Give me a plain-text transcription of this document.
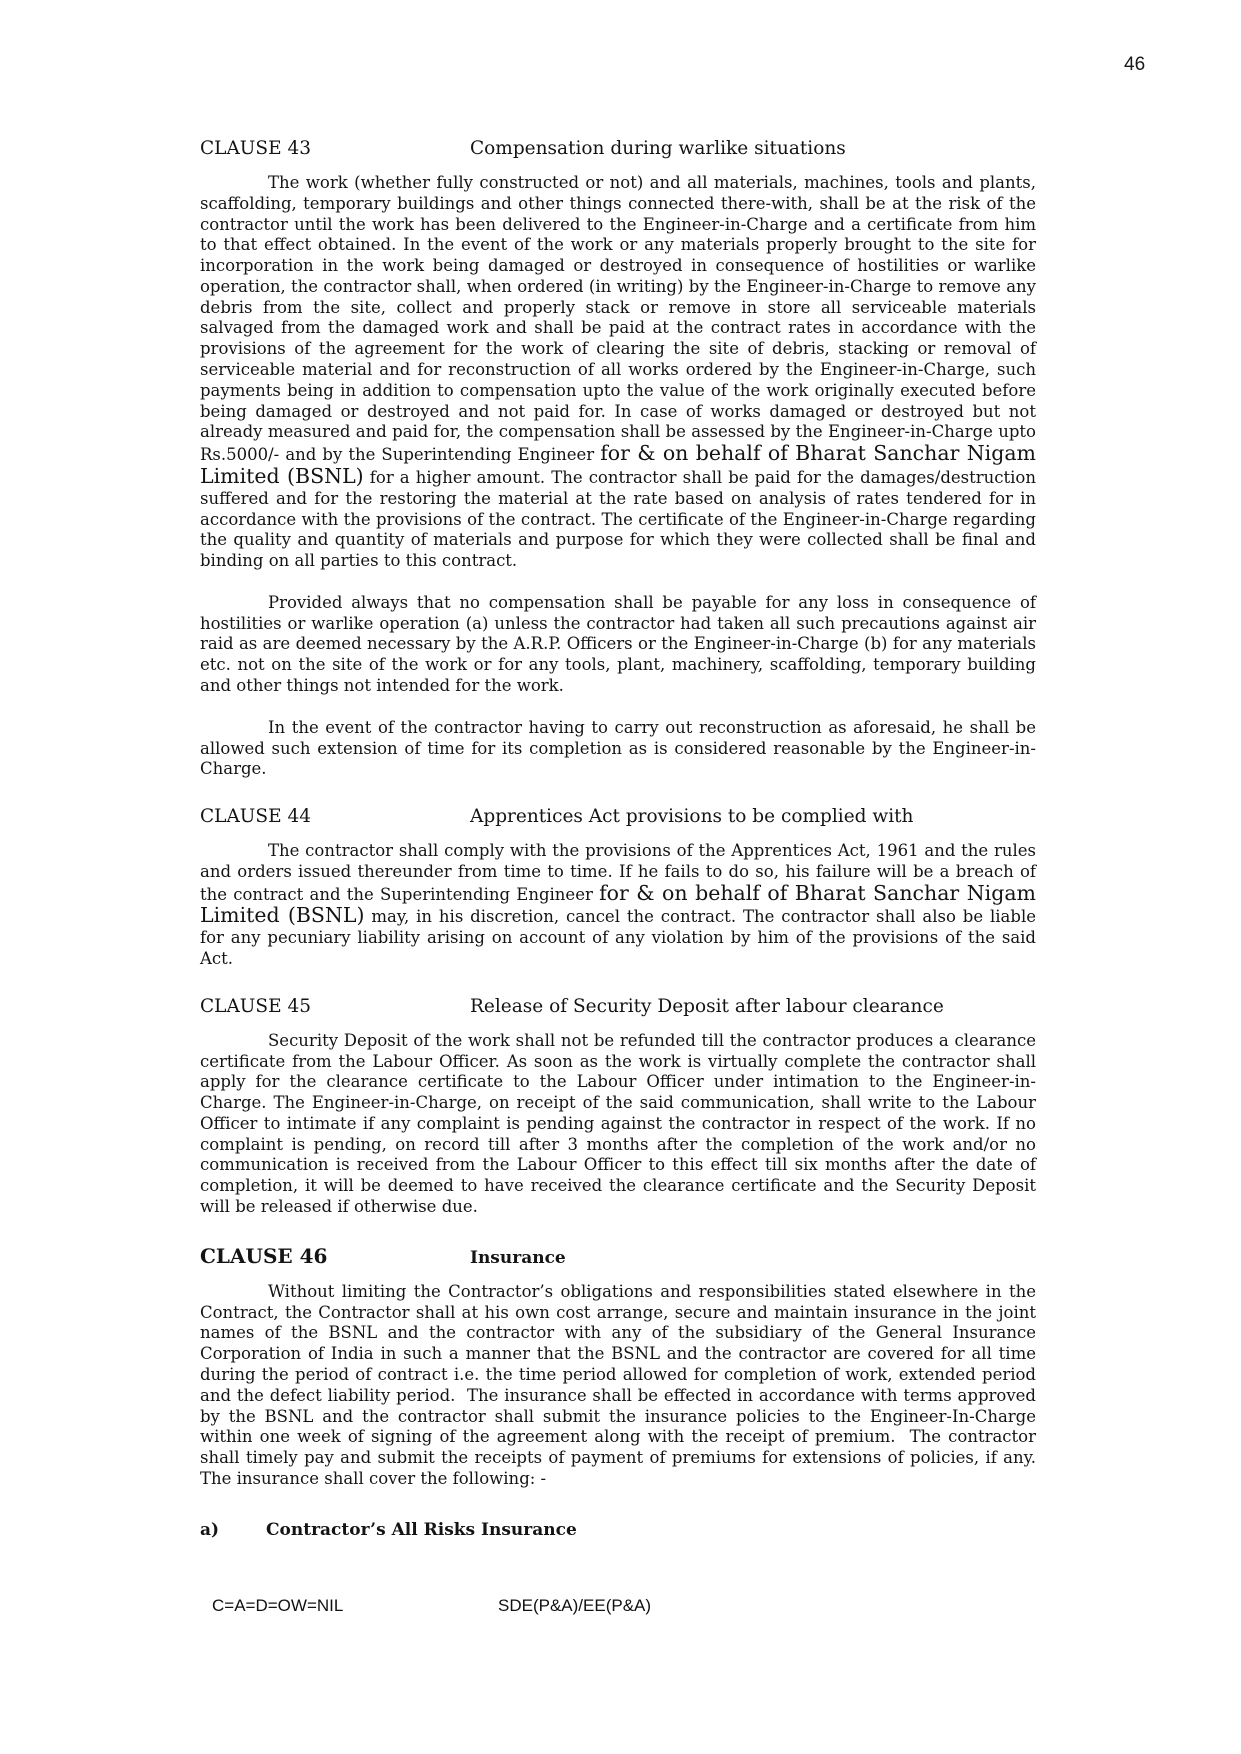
46
CLAUSE 43	Compensation during warlike situations

The work (whether fully constructed or not) and all materials, machines, tools and plants, scaffolding, temporary buildings and other things connected there-with, shall be at the risk of the contractor until the work has been delivered to the Engineer-in-Charge and a certificate from him to that effect obtained. In the event of the work or any materials properly brought to the site for incorporation in the work being damaged or destroyed in consequence of hostilities or warlike operation, the contractor shall, when ordered (in writing) by the Engineer-in-Charge to remove any debris from the site, collect and properly stack or remove in store all serviceable materials salvaged from the damaged work and shall be paid at the contract rates in accordance with the provisions of the agreement for the work of clearing the site of debris, stacking or removal of serviceable material and for reconstruction of all works ordered by the Engineer-in-Charge, such payments being in addition to compensation upto the value of the work originally executed before being damaged or destroyed and not paid for. In case of works damaged or destroyed but not already measured and paid for, the compensation shall be assessed by the Engineer-in-Charge upto Rs.5000/- and by the Superintending Engineer for & on behalf of Bharat Sanchar Nigam Limited (BSNL) for a higher amount. The contractor shall be paid for the damages/destruction suffered and for the restoring the material at the rate based on analysis of rates tendered for in accordance with the provisions of the contract. The certificate of the Engineer-in-Charge regarding the quality and quantity of materials and purpose for which they were collected shall be final and binding on all parties to this contract.

Provided always that no compensation shall be payable for any loss in consequence of hostilities or warlike operation (a) unless the contractor had taken all such precautions against air raid as are deemed necessary by the A.R.P. Officers or the Engineer-in-Charge (b) for any materials etc. not on the site of the work or for any tools, plant, machinery, scaffolding, temporary building and other things not intended for the work.

In the event of the contractor having to carry out reconstruction as aforesaid, he shall be allowed such extension of time for its completion as is considered reasonable by the Engineer-in-Charge.

CLAUSE 44	Apprentices Act provisions to be complied with

The contractor shall comply with the provisions of the Apprentices Act, 1961 and the rules and orders issued thereunder from time to time. If he fails to do so, his failure will be a breach of the contract and the Superintending Engineer for & on behalf of Bharat Sanchar Nigam Limited (BSNL) may, in his discretion, cancel the contract. The contractor shall also be liable for any pecuniary liability arising on account of any violation by him of the provisions of the said Act.

CLAUSE 45	Release of Security Deposit after labour clearance

Security Deposit of the work shall not be refunded till the contractor produces a clearance certificate from the Labour Officer. As soon as the work is virtually complete the contractor shall apply for the clearance certificate to the Labour Officer under intimation to the Engineer-in-Charge. The Engineer-in-Charge, on receipt of the said communication, shall write to the Labour Officer to intimate if any complaint is pending against the contractor in respect of the work. If no complaint is pending, on record till after 3 months after the completion of the work and/or no communication is received from the Labour Officer to this effect till six months after the date of completion, it will be deemed to have received the clearance certificate and the Security Deposit will be released if otherwise due.

CLAUSE 46	Insurance

Without limiting the Contractor’s obligations and responsibilities stated elsewhere in the Contract, the Contractor shall at his own cost arrange, secure and maintain insurance in the joint names of the BSNL and the contractor with any of the subsidiary of the General Insurance Corporation of India in such a manner that the BSNL and the contractor are covered for all time during the period of contract i.e. the time period allowed for completion of work, extended period and the defect liability period.  The insurance shall be effected in accordance with terms approved by the BSNL and the contractor shall submit the insurance policies to the Engineer-In-Charge within one week of signing of the agreement along with the receipt of premium.  The contractor shall timely pay and submit the receipts of payment of premiums for extensions of policies, if any. The insurance shall cover the following: -

a)	Contractor’s All Risks Insurance
C=A=D=OW=NIL	SDE(P&A)/EE(P&A)
